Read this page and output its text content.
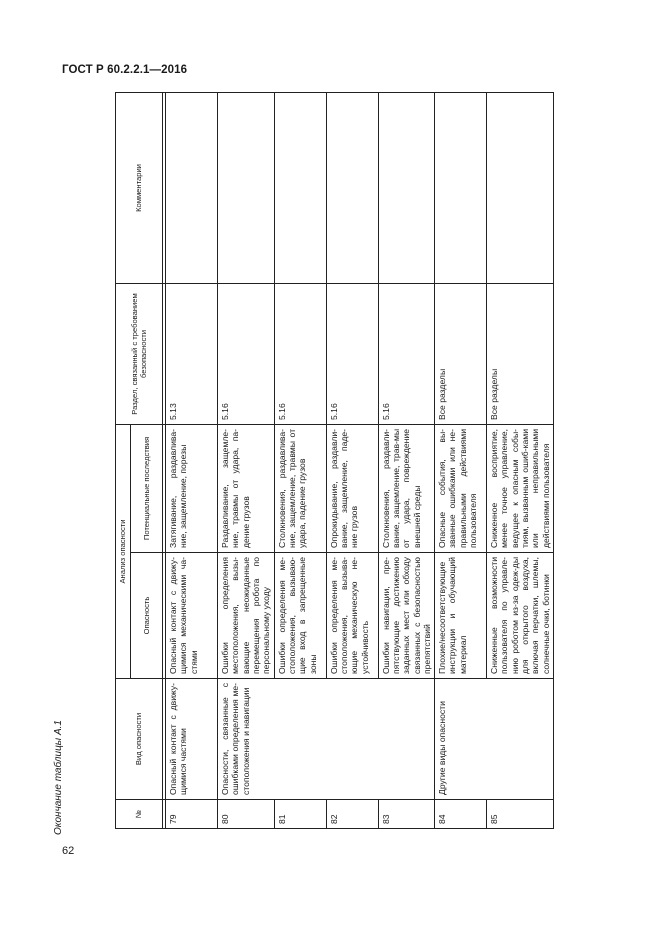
ГОСТ Р 60.2.2.1—2016
Окончание таблицы А.1
62
№	Вид опасности	Анализ опасности		Раздел, связанный с требованием безопасности	Комментарии
		Опасность	Потенциальные последствия		

79	Опасный контакт с движу-щимися частями	Опасный контакт с движу-щимися механическими ча-стями	Затягивание, раздавлива-ние, защемление, порезы	5.13	
80	Опасности, связанные с ошибками определения ме-стоположения и навигации	Ошибки определения местоположения, вызы-вающие неожиданные перемещения робота по персональному уходу	Раздавливание, защемле-ние, травмы от удара, па-дение грузов	5.16	
81		Ошибки определения ме-стоположения, вызываю-щие вход в запрещенные зоны	Столкновения, раздавлива-ние, защемление, травмы от удара, падение грузов	5.16	
82		Ошибки определения ме-стоположения, вызыва-ющие механическую не-устойчивость	Опрокидывание, раздавли-вание, защемление, паде-ние грузов	5.16	
83		Ошибки навигации, пре-пятствующие достижению заданных мест или обходу связанных с безопасностью препятствий	Столкновения, раздавли-вание, защемление, трав-мы от удара, повреждение внешней среды	5.16	
84	Другие виды опасности	Плохие/несоответствующие инструкции и обучающий материал	Опасные события, вы-званные ошибками или не-правильными действиями пользователя	Все разделы	
85		Сниженные возможности пользователя по управле-нию роботом из-за одеж-ды для открытого воздуха, включая перчатки, шлемы, солнечные очки, ботинки	Сниженное восприятие, менее точное управление, ведущее к опасным собы-тиям, вызванным ошиб-ками или неправильными действиями пользователя	Все разделы	
